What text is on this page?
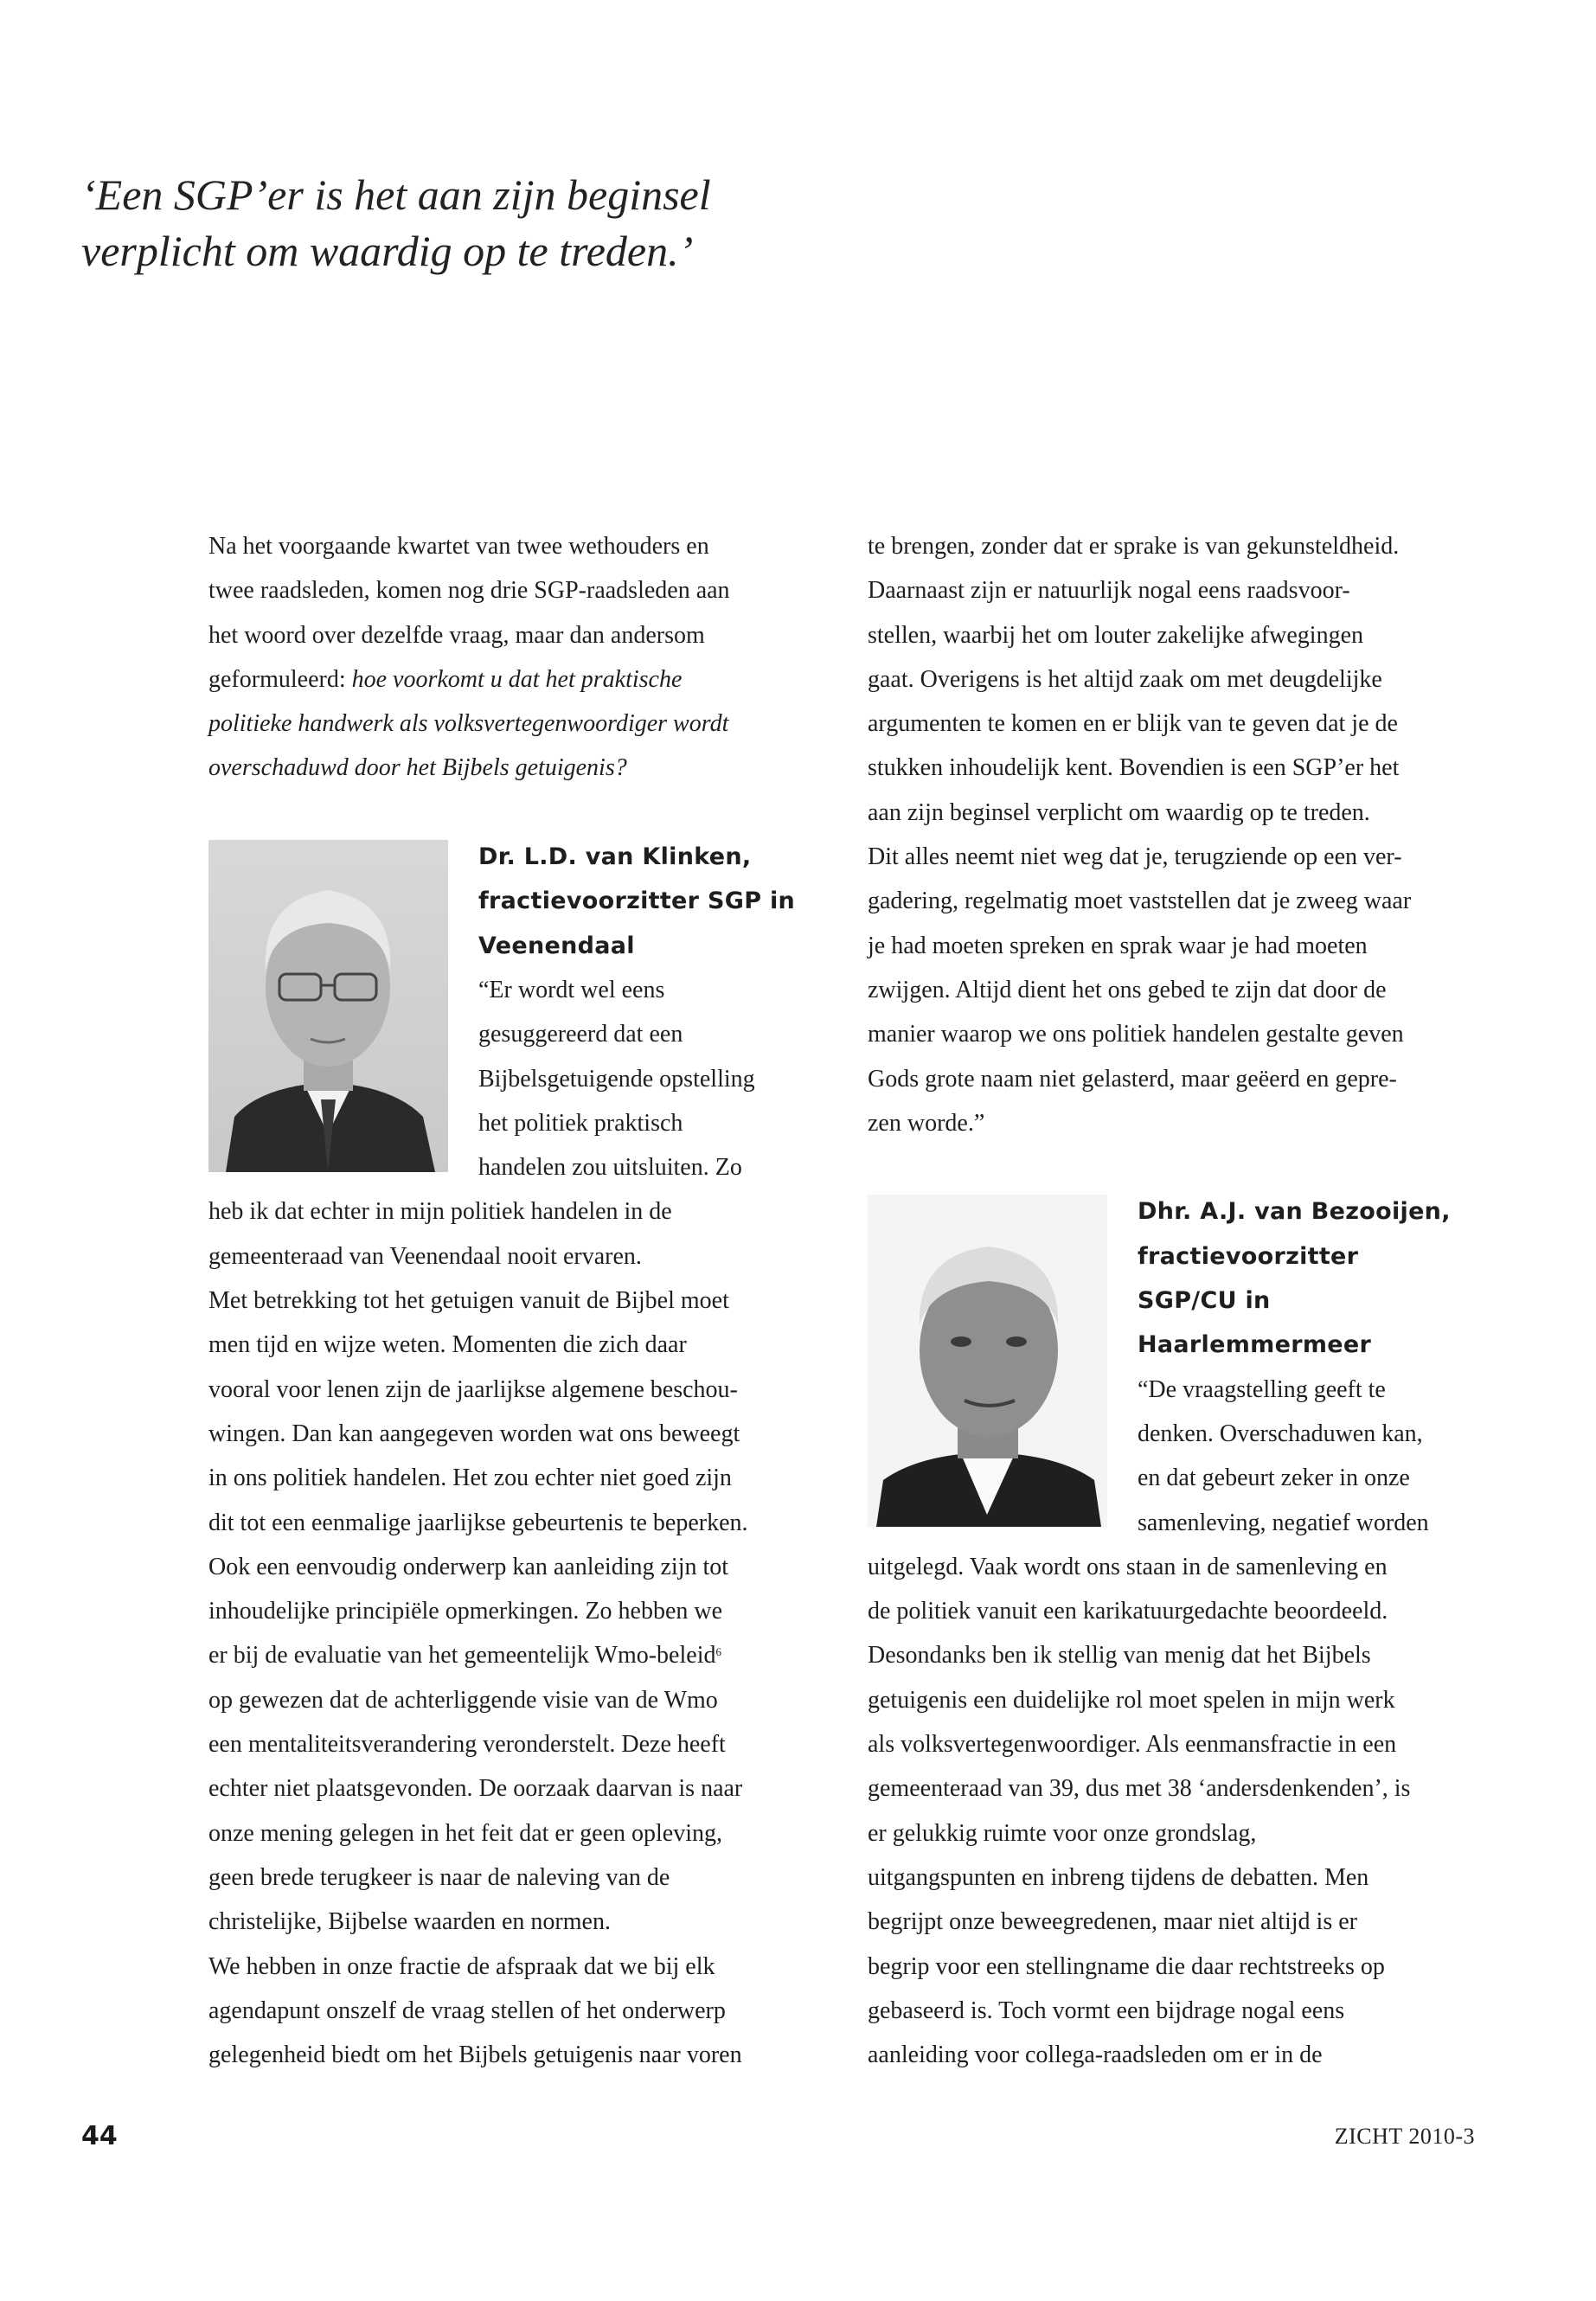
‘Een SGP’er is het aan zijn beginsel
verplicht om waardig op te treden.’
Na het voorgaande kwartet van twee wethouders en
twee raadsleden, komen nog drie SGP-raadsleden aan
het woord over dezelfde vraag, maar dan andersom
geformuleerd: hoe voorkomt u dat het praktische
politieke handwerk als volksvertegenwoordiger wordt
overschaduwd door het Bijbels getuigenis?
Dr. L.D. van Klinken,
fractievoorzitter SGP in
Veenendaal
“Er wordt wel eens
gesuggereerd dat een
Bijbelsgetuigende opstelling
het politiek praktisch
handelen zou uitsluiten. Zo
heb ik dat echter in mijn politiek handelen in de
gemeenteraad van Veenendaal nooit ervaren.
Met betrekking tot het getuigen vanuit de Bijbel moet
men tijd en wijze weten. Momenten die zich daar
vooral voor lenen zijn de jaarlijkse algemene beschou-
wingen. Dan kan aangegeven worden wat ons beweegt
in ons politiek handelen. Het zou echter niet goed zijn
dit tot een eenmalige jaarlijkse gebeurtenis te beperken.
Ook een eenvoudig onderwerp kan aanleiding zijn tot
inhoudelijke principiële opmerkingen. Zo hebben we
er bij de evaluatie van het gemeentelijk Wmo-beleid$^6$
op gewezen dat de achterliggende visie van de Wmo
een mentaliteitsverandering veronderstelt. Deze heeft
echter niet plaatsgevonden. De oorzaak daarvan is naar
onze mening gelegen in het feit dat er geen opleving,
geen brede terugkeer is naar de naleving van de
christelijke, Bijbelse waarden en normen.
We hebben in onze fractie de afspraak dat we bij elk
agendapunt onszelf de vraag stellen of het onderwerp
gelegenheid biedt om het Bijbels getuigenis naar voren
te brengen, zonder dat er sprake is van gekunsteldheid.
Daarnaast zijn er natuurlijk nogal eens raadsvoor-
stellen, waarbij het om louter zakelijke afwegingen
gaat. Overigens is het altijd zaak om met deugdelijke
argumenten te komen en er blijk van te geven dat je de
stukken inhoudelijk kent. Bovendien is een SGP’er het
aan zijn beginsel verplicht om waardig op te treden.
Dit alles neemt niet weg dat je, terugziende op een ver-
gadering, regelmatig moet vaststellen dat je zweeg waar
je had moeten spreken en sprak waar je had moeten
zwijgen. Altijd dient het ons gebed te zijn dat door de
manier waarop we ons politiek handelen gestalte geven
Gods grote naam niet gelasterd, maar geëerd en gepre-
zen worde.”
Dhr. A.J. van Bezooijen,
fractievoorzitter
SGP/CU in
Haarlemmermeer
“De vraagstelling geeft te
denken. Overschaduwen kan,
en dat gebeurt zeker in onze
samenleving, negatief worden
uitgelegd. Vaak wordt ons staan in de samenleving en
de politiek vanuit een karikatuurgedachte beoordeeld.
Desondanks ben ik stellig van menig dat het Bijbels
getuigenis een duidelijke rol moet spelen in mijn werk
als volksvertegenwoordiger. Als eenmansfractie in een
gemeenteraad van 39, dus met 38 ‘andersdenkenden’, is
er gelukkig ruimte voor onze grondslag,
uitgangspunten en inbreng tijdens de debatten. Men
begrijpt onze beweegredenen, maar niet altijd is er
begrip voor een stellingname die daar rechtstreeks op
gebaseerd is. Toch vormt een bijdrage nogal eens
aanleiding voor collega-raadsleden om er in de
44	ZICHT 2010-3
